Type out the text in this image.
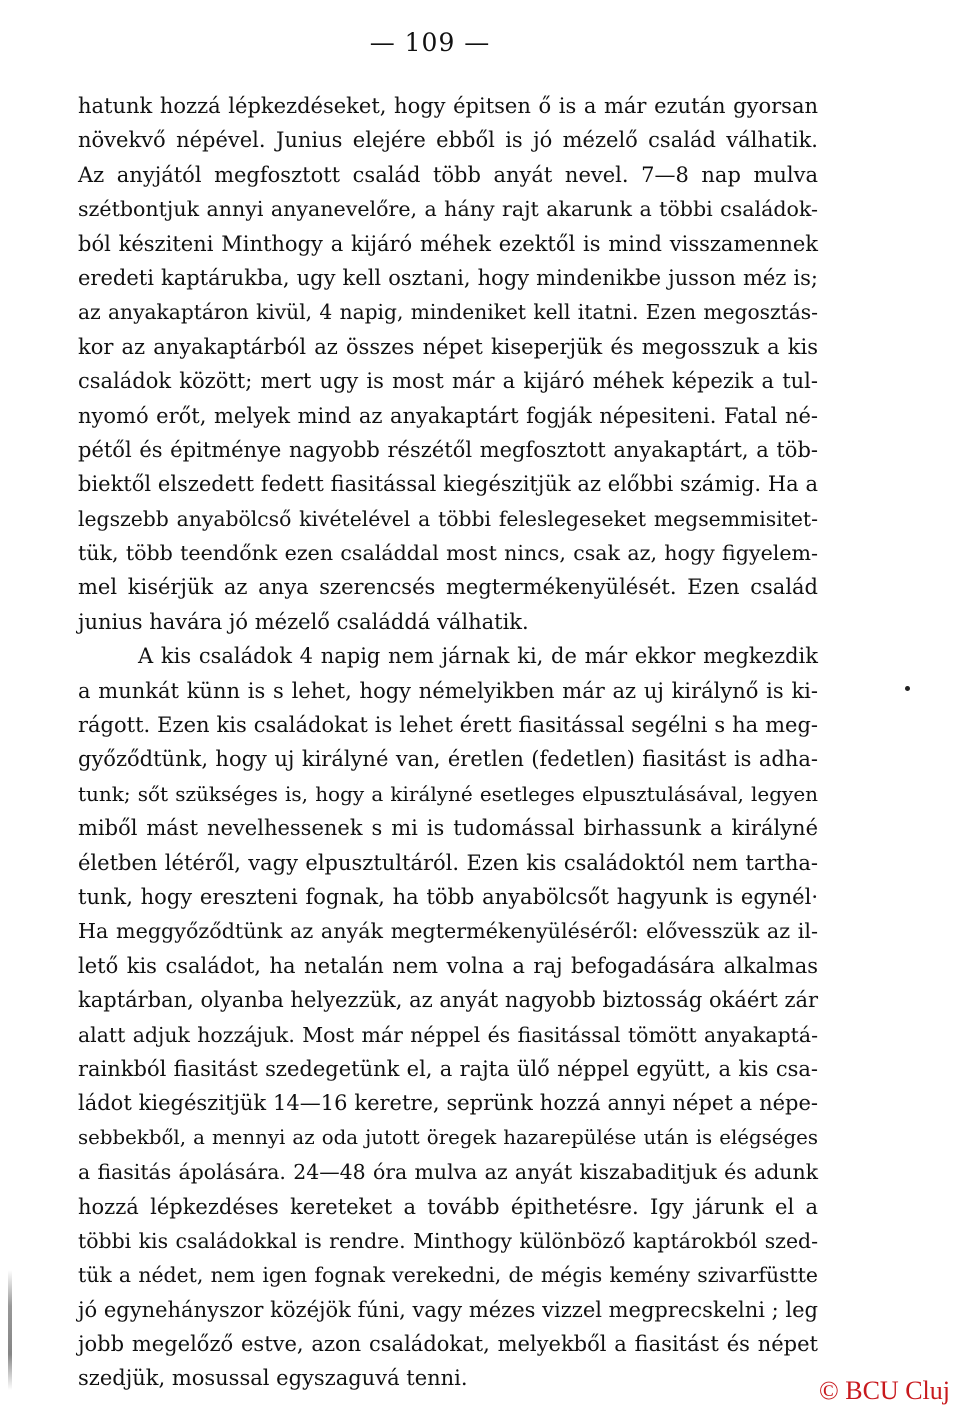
— 109 —
hatunk hozzá lépkezdéseket, hogy épitsen ő is a már ezután gyorsan
növekvő népével. Junius elejére ebből is jó mézelő család válhatik.
Az anyjától megfosztott család több anyát nevel. 7—8 nap mulva
szétbontjuk annyi anyanevelőre, a hány rajt akarunk a többi családok-
ból késziteni Minthogy a kijáró méhek ezektől is mind visszamennek
eredeti kaptárukba, ugy kell osztani, hogy mindenikbe jusson méz is;
az anyakaptáron kivül, 4 napig, mindeniket kell itatni. Ezen megosztás-
kor az anyakaptárból az összes népet kiseperjük és megosszuk a kis
családok között; mert ugy is most már a kijáró méhek képezik a tul-
nyomó erőt, melyek mind az anyakaptárt fogják népesiteni. Fatal né-
pétől és épitménye nagyobb részétől megfosztott anyakaptárt, a töb-
biektől elszedett fedett fiasitással kiegészitjük az előbbi számig. Ha a
legszebb anyabölcső kivételével a többi feleslegeseket megsemmisitet-
tük, több teendőnk ezen családdal most nincs, csak az, hogy figyelem-
mel kisérjük az anya szerencsés megtermékenyülését. Ezen család
junius havára jó mézelő családdá válhatik.
A kis családok 4 napig nem járnak ki, de már ekkor megkezdik
a munkát künn is s lehet, hogy némelyikben már az uj királynő is ki-
rágott. Ezen kis családokat is lehet érett fiasitással segélni s ha meg-
győződtünk, hogy uj királyné van, éretlen (fedetlen) fiasitást is adha-
tunk; sőt szükséges is, hogy a királyné esetleges elpusztulásával, legyen
miből mást nevelhessenek s mi is tudomással birhassunk a királyné
életben létéről, vagy elpusztultáról. Ezen kis családoktól nem tartha-
tunk, hogy ereszteni fognak, ha több anyabölcsőt hagyunk is egynél·
Ha meggyőződtünk az anyák megtermékenyüléséről: elővesszük az il-
lető kis családot, ha netalán nem volna a raj befogadására alkalmas
kaptárban, olyanba helyezzük, az anyát nagyobb biztosság okáért zár
alatt adjuk hozzájuk. Most már néppel és fiasitással tömött anyakaptá-
rainkból fiasitást szedegetünk el, a rajta ülő néppel együtt, a kis csa-
ládot kiegészitjük 14—16 keretre, seprünk hozzá annyi népet a népe-
sebbekből, a mennyi az oda jutott öregek hazarepülése után is elégséges
a fiasitás ápolására. 24—48 óra mulva az anyát kiszabaditjuk és adunk
hozzá lépkezdéses kereteket a tovább épithetésre. Igy járunk el a
többi kis családokkal is rendre. Minthogy különböző kaptárokból szed-
tük a nédet, nem igen fognak verekedni, de mégis kemény szivarfüstte
jó egynehányszor közéjök fúni, vagy mézes vizzel megprecskelni ; leg
jobb megelőző estve, azon családokat, melyekből a fiasitást és népet
szedjük, mosussal egyszaguvá tenni.	© BCU Cluj
